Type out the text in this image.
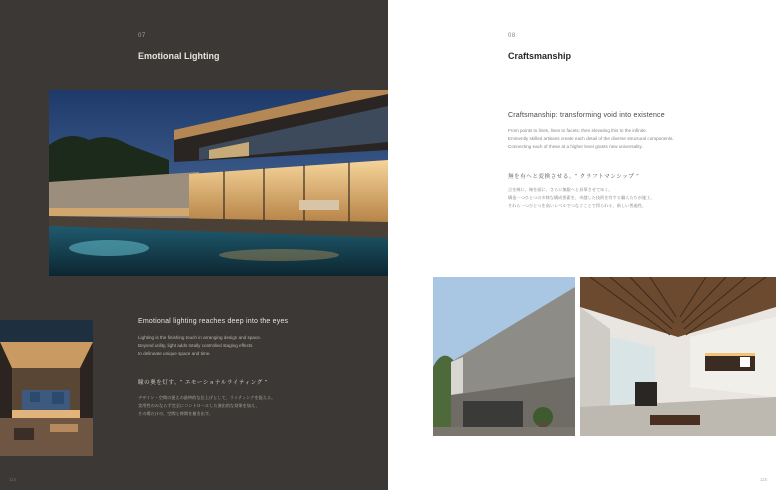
07
Emotional Lighting
Emotional lighting reaches deep into the eyes
Lighting is the finishing touch in arranging design and space.
Beyond utility, light adds totally controlled staging effects
to delineate unique space and time.
瞳の奥を灯す。" エモーショナルライティング "
デザイン・空間の捉えの最終的な仕上げとして、ライティングを捉える。
実用性のみならず完全にコントロールした演出的な効果を加え、
その場だけの、空間と時間を描き出す。
114
08
Craftsmanship
Craftsmanship: transforming void into existence
From points to lines, lines to facets, then elevating this to the infinite.
Eminently skilled artisans create each detail of the diverse structural components.
Connecting each of these at a higher level grants new universality.
無を有へと変換させる。" クラフトマンシップ "
点を線に、線を面に、さらに無限へと昇華させてゆく。
構造一つひとつの多様な構成要素を、卓越した技術を有する職人たちが施工。
それら一つひとつを高いレベルでつなぐことで得られる、新しい普遍性。
115
